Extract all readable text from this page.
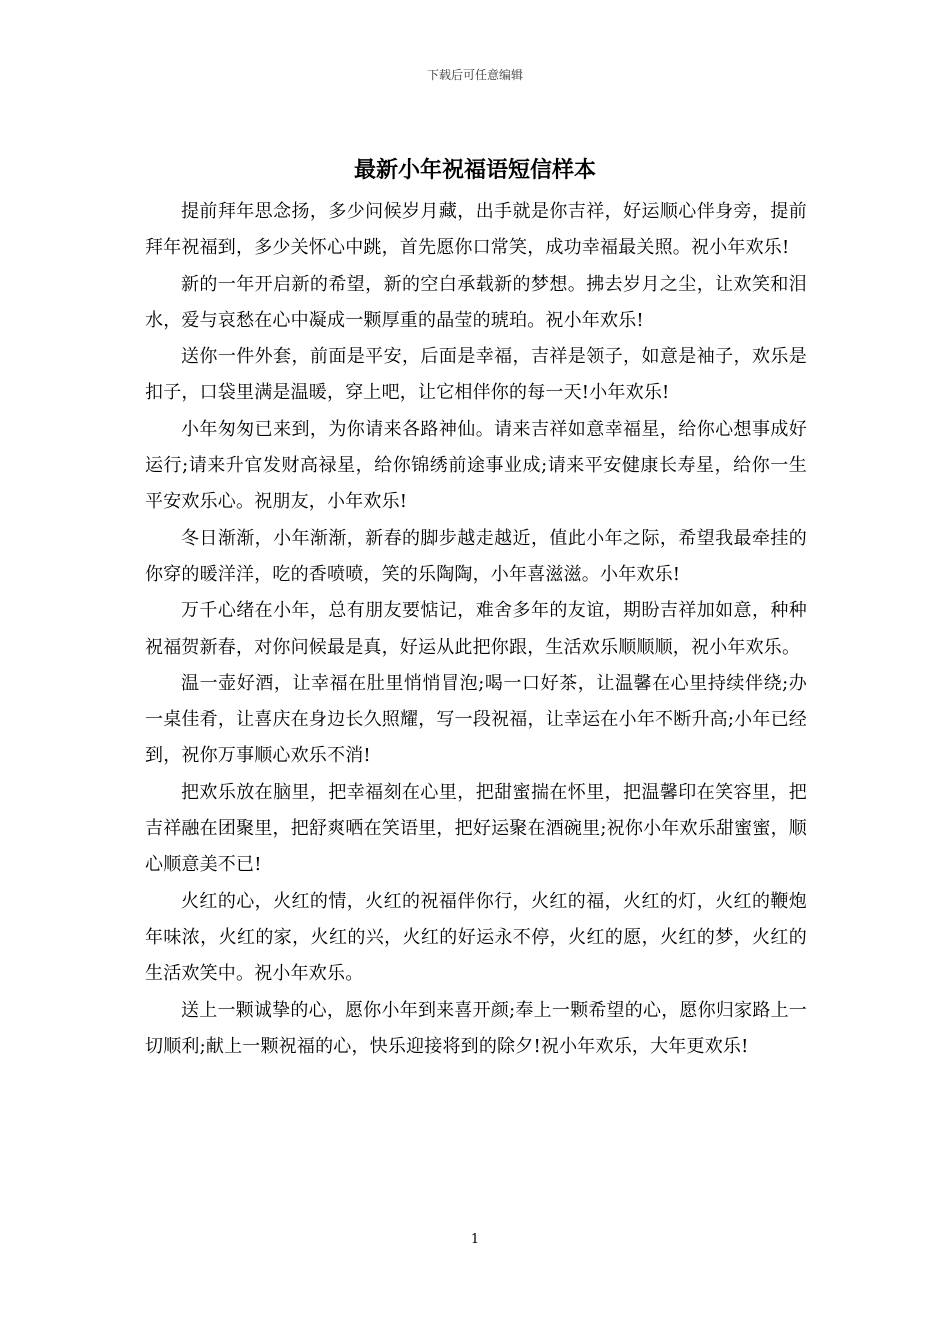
下载后可任意编辑
最新小年祝福语短信样本

提前拜年思念扬，多少问候岁月藏，出手就是你吉祥，好运顺心伴身旁，提前拜年祝福到，多少关怀心中跳，首先愿你口常笑，成功幸福最关照。祝小年欢乐!

新的一年开启新的希望，新的空白承载新的梦想。拂去岁月之尘，让欢笑和泪水，爱与哀愁在心中凝成一颗厚重的晶莹的琥珀。祝小年欢乐!

送你一件外套，前面是平安，后面是幸福，吉祥是领子，如意是袖子，欢乐是扣子，口袋里满是温暖，穿上吧，让它相伴你的每一天!小年欢乐!

小年匆匆已来到，为你请来各路神仙。请来吉祥如意幸福星，给你心想事成好运行;请来升官发财高禄星，给你锦绣前途事业成;请来平安健康长寿星，给你一生平安欢乐心。祝朋友，小年欢乐!

冬日渐渐，小年渐渐，新春的脚步越走越近，值此小年之际，希望我最牵挂的你穿的暖洋洋，吃的香喷喷，笑的乐陶陶，小年喜滋滋。小年欢乐!

万千心绪在小年，总有朋友要惦记，难舍多年的友谊，期盼吉祥加如意，种种祝福贺新春，对你问候最是真，好运从此把你跟，生活欢乐顺顺顺，祝小年欢乐。

温一壶好酒，让幸福在肚里悄悄冒泡;喝一口好茶，让温馨在心里持续伴绕;办一桌佳肴，让喜庆在身边长久照耀，写一段祝福，让幸运在小年不断升高;小年已经到，祝你万事顺心欢乐不消!

把欢乐放在脑里，把幸福刻在心里，把甜蜜揣在怀里，把温馨印在笑容里，把吉祥融在团聚里，把舒爽哂在笑语里，把好运聚在酒碗里;祝你小年欢乐甜蜜蜜，顺心顺意美不已!

火红的心，火红的情，火红的祝福伴你行，火红的福，火红的灯，火红的鞭炮年味浓，火红的家，火红的兴，火红的好运永不停，火红的愿，火红的梦，火红的生活欢笑中。祝小年欢乐。

送上一颗诚挚的心，愿你小年到来喜开颜;奉上一颗希望的心，愿你归家路上一切顺利;献上一颗祝福的心，快乐迎接将到的除夕!祝小年欢乐，大年更欢乐!

1
